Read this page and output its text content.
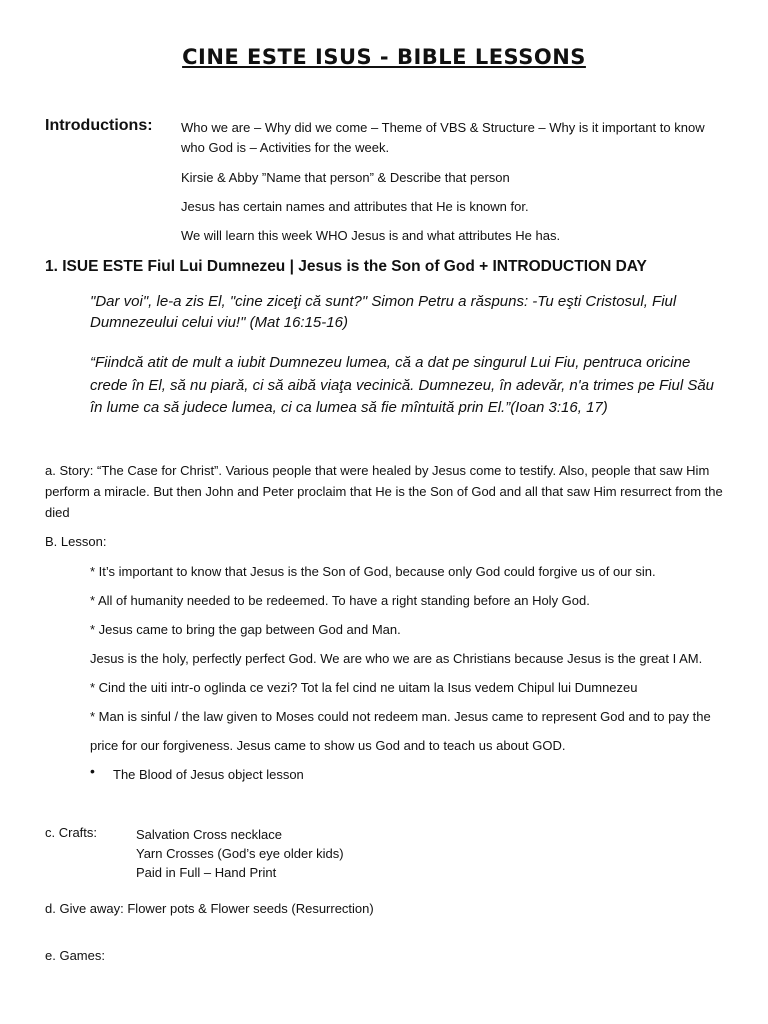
CINE ESTE ISUS - BIBLE LESSONS
Introductions: Who we are – Why did we come – Theme of VBS & Structure – Why is it important to know who God is – Activities for the week.
Kirsie & Abby ”Name that person” & Describe that person
Jesus has certain names and attributes that He is known for.
We will learn this week WHO Jesus is and what attributes He has.
1. ISUE ESTE Fiul Lui Dumnezeu | Jesus is the Son of God + INTRODUCTION DAY
"Dar voi", le-a zis El, "cine ziceţi că sunt?" Simon Petru a răspuns: -Tu eşti Cristosul, Fiul Dumnezeului celui viu!" (Mat 16:15-16)
“Fiindcă atit de mult a iubit Dumnezeu lumea, că a dat pe singurul Lui Fiu, pentruca oricine crede în El, să nu piară, ci să aibă viaţa vecinică. Dumnezeu, în adevăr, n'a trimes pe Fiul Său în lume ca să judece lumea, ci ca lumea să fie mîntuită prin El.”(Ioan 3:16, 17)
a. Story: “The Case for Christ”. Various people that were healed by Jesus come to testify. Also, people that saw Him perform a miracle. But then John and Peter proclaim that He is the Son of God and all that saw Him resurrect from the died
B. Lesson:
* It’s important to know that Jesus is the Son of God, because only God could forgive us of our sin.
* All of humanity needed to be redeemed. To have a right standing before an Holy God.
* Jesus came to bring the gap between God and Man.
Jesus is the holy, perfectly perfect God. We are who we are as Christians because Jesus is the great I AM.
* Cind the uiti intr-o oglinda ce vezi? Tot la fel cind ne uitam la Isus vedem Chipul lui Dumnezeu
* Man is sinful / the law given to Moses could not redeem man. Jesus came to represent God and to pay the
price for our forgiveness. Jesus came to show us God and to teach us about GOD.
• The Blood of Jesus object lesson
c. Crafts:	Salvation Cross necklace
Yarn Crosses (God’s eye older kids)
Paid in Full – Hand Print
d. Give away: Flower pots & Flower seeds (Resurrection)
e. Games:
